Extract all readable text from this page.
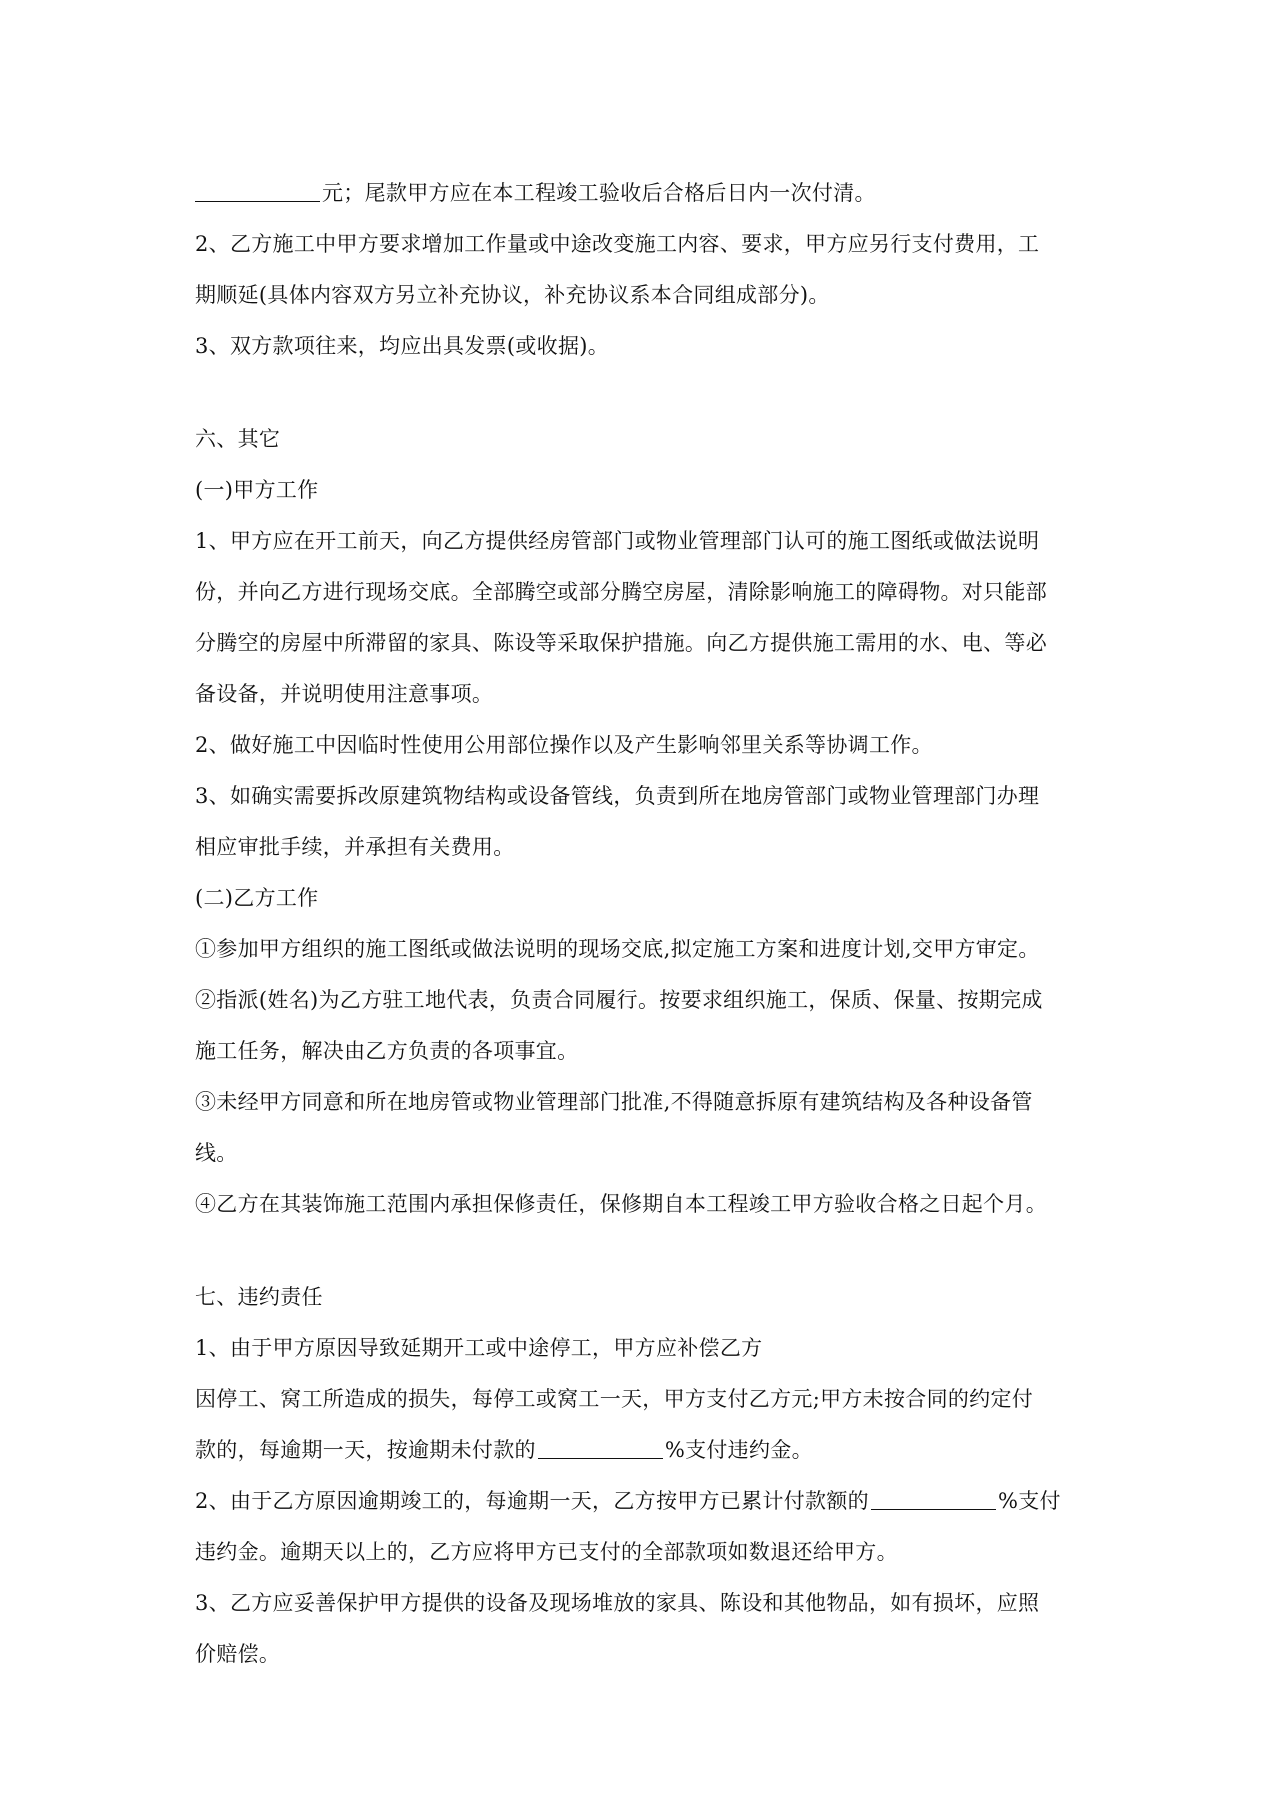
元；尾款甲方应在本工程竣工验收后合格后日内一次付清。
2、乙方施工中甲方要求增加工作量或中途改变施工内容、要求，甲方应另行支付费用，工
期顺延(具体内容双方另立补充协议，补充协议系本合同组成部分)。
3、双方款项往来，均应出具发票(或收据)。
六、其它
(一)甲方工作
1、甲方应在开工前天，向乙方提供经房管部门或物业管理部门认可的施工图纸或做法说明
份，并向乙方进行现场交底。全部腾空或部分腾空房屋，清除影响施工的障碍物。对只能部
分腾空的房屋中所滞留的家具、陈设等采取保护措施。向乙方提供施工需用的水、电、等必
备设备，并说明使用注意事项。
2、做好施工中因临时性使用公用部位操作以及产生影响邻里关系等协调工作。
3、如确实需要拆改原建筑物结构或设备管线，负责到所在地房管部门或物业管理部门办理
相应审批手续，并承担有关费用。
(二)乙方工作
①参加甲方组织的施工图纸或做法说明的现场交底,拟定施工方案和进度计划,交甲方审定。
②指派(姓名)为乙方驻工地代表，负责合同履行。按要求组织施工，保质、保量、按期完成
施工任务，解决由乙方负责的各项事宜。
③未经甲方同意和所在地房管或物业管理部门批准,不得随意拆原有建筑结构及各种设备管
线。
④乙方在其装饰施工范围内承担保修责任，保修期自本工程竣工甲方验收合格之日起个月。
七、违约责任
1、由于甲方原因导致延期开工或中途停工，甲方应补偿乙方
因停工、窝工所造成的损失，每停工或窝工一天，甲方支付乙方元;甲方未按合同的约定付
款的，每逾期一天，按逾期未付款的	%支付违约金。
2、由于乙方原因逾期竣工的，每逾期一天，乙方按甲方已累计付款额的	%支付
违约金。逾期天以上的，乙方应将甲方已支付的全部款项如数退还给甲方。
3、乙方应妥善保护甲方提供的设备及现场堆放的家具、陈设和其他物品，如有损坏，应照
价赔偿。
